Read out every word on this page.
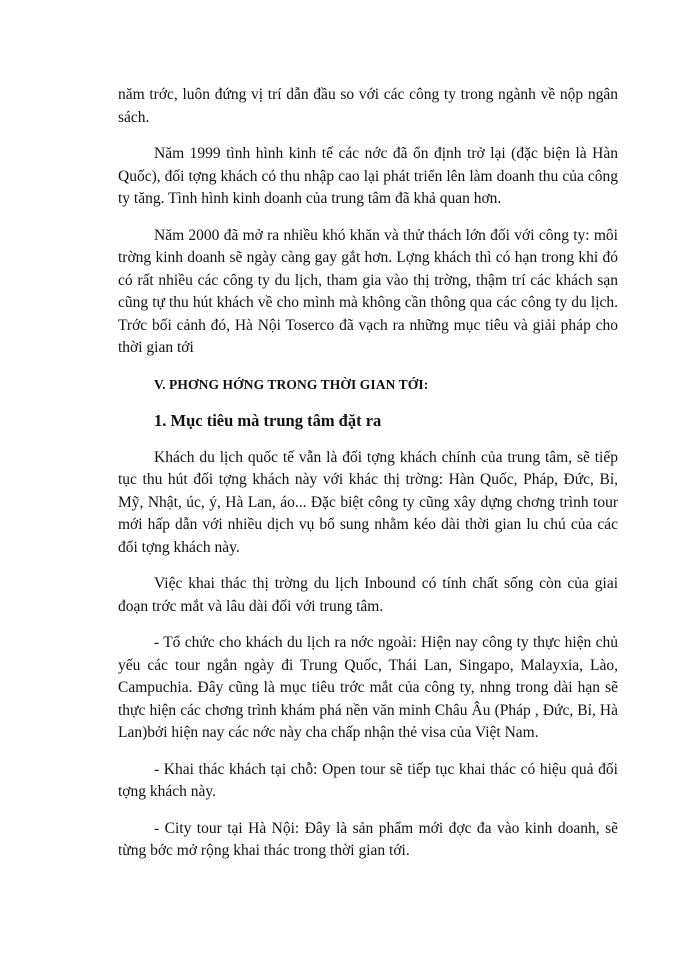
năm trớc, luôn đứng vị trí dẫn đầu so với các công ty trong ngành về nộp ngân sách.

Năm 1999 tình hình kinh tế các nớc đã ổn định trở lại (đặc biện là Hàn Quốc), đối tợng khách có thu nhập cao lại phát triển lên làm doanh thu của công ty tăng. Tình hình kinh doanh của trung tâm đã khả quan hơn.

Năm 2000 đã mở ra nhiều khó khăn và thử thách lớn đối với công ty: môi trờng kinh doanh sẽ ngày càng gay gắt hơn. Lợng khách thì có hạn trong khi đó có rất nhiều các công ty du lịch, tham gia vào thị trờng, thậm trí các khách sạn cũng tự thu hút khách về cho mình mà không cần thông qua các công ty du lịch. Trớc bối cảnh đó, Hà Nội Toserco đã vạch ra những mục tiêu và giải pháp cho thời gian tới

V. PHƠNG HỚNG TRONG THỜI GIAN TỚI:

1. Mục tiêu mà trung tâm đặt ra

Khách du lịch quốc tế vẫn là đối tợng khách chính của trung tâm, sẽ tiếp tục thu hút đối tợng khách này với khác thị trờng: Hàn Quốc, Pháp, Đức, Bỉ, Mỹ, Nhật, úc, ý, Hà Lan, áo... Đặc biệt công ty cũng xây dựng chơng trình tour mới hấp dẫn với nhiều dịch vụ bổ sung nhằm kéo dài thời gian lu chú của các đối tợng khách này.

Việc khai thác thị trờng du lịch Inbound có tính chất sống còn của giai đoạn trớc mắt và lâu dài đối với trung tâm.

- Tổ chức cho khách du lịch ra nớc ngoài: Hiện nay công ty thực hiện chủ yếu các tour ngắn ngày đi Trung Quốc, Thái Lan, Singapo, Malayxia, Lào, Campuchia. Đây cũng là mục tiêu trớc mắt của công ty, nhng trong dài hạn sẽ thực hiện các chơng trình khám phá nền văn minh Châu Âu (Pháp , Đức, Bỉ, Hà Lan)bởi hiện nay các nớc này cha chấp nhận thẻ visa của Việt Nam.

- Khai thác khách tại chỗ: Open tour sẽ tiếp tục khai thác có hiệu quả đối tợng khách này.

- City tour tại Hà Nội: Đây là sản phẩm mới đợc đa vào kinh doanh, sẽ từng bớc mở rộng khai thác trong thời gian tới.
